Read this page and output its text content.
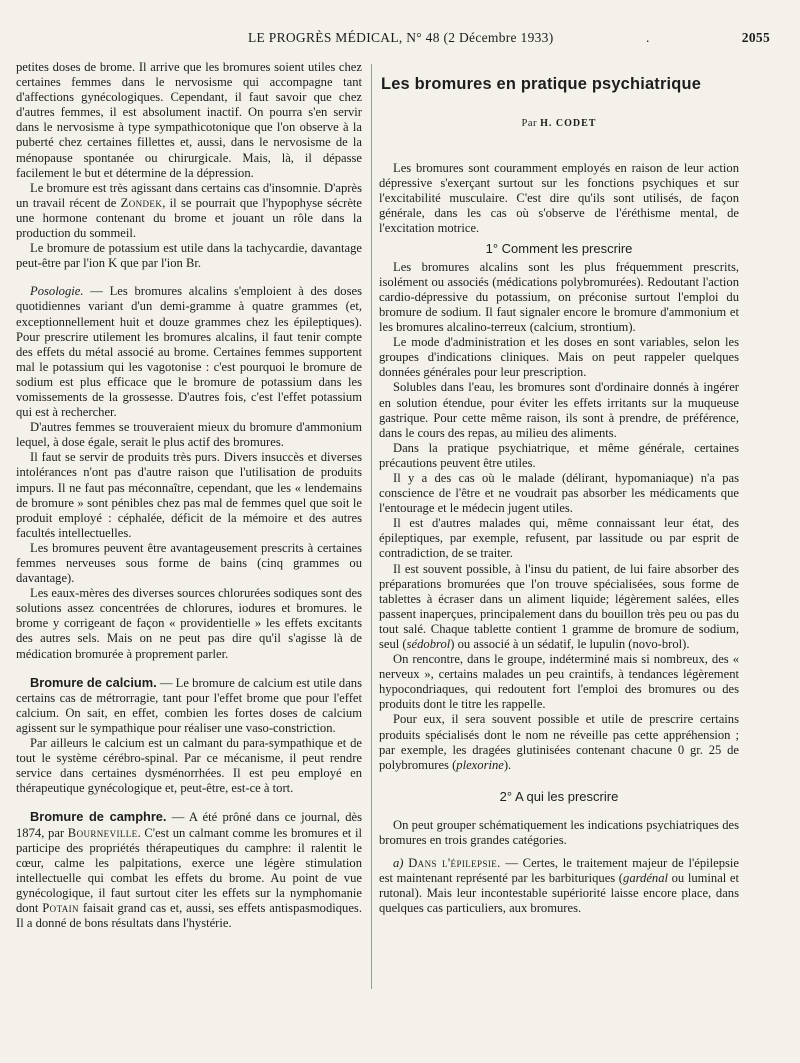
LE PROGRÈS MÉDICAL, N° 48 (2 Décembre 1933)	.	2055

petites doses de brome. Il arrive que les bromures soient utiles chez certaines femmes dans le nervosisme qui accompagne tant d'affections gynécologiques. Cependant, il faut savoir que chez d'autres femmes, il est absolument inactif. On pourra s'en servir dans le nervosisme à type sympathicotonique que l'on observe à la puberté chez certaines fillettes et, aussi, dans le nervosisme de la ménopause spontanée ou chirurgicale. Mais, là, il dépasse facilement le but et détermine de la dépression.

Le bromure est très agissant dans certains cas d'insomnie. D'après un travail récent de Zondek, il se pourrait que l'hypophyse sécrète une hormone contenant du brome et jouant un rôle dans la production du sommeil.

Le bromure de potassium est utile dans la tachycardie, davantage peut-être par l'ion K que par l'ion Br.

Posologie. — Les bromures alcalins s'emploient à des doses quotidiennes variant d'un demi-gramme à quatre grammes (et, exceptionnellement huit et douze grammes chez les épileptiques). Pour prescrire utilement les bromures alcalins, il faut tenir compte des effets du métal associé au brome. Certaines femmes supportent mal le potassium qui les vagotonise : c'est pourquoi le bromure de sodium est plus efficace que le bromure de potassium dans les vomissements de la grossesse. D'autres fois, c'est l'effet potassium qui est à rechercher.

D'autres femmes se trouveraient mieux du bromure d'ammonium lequel, à dose égale, serait le plus actif des bromures.

Il faut se servir de produits très purs. Divers insuccès et diverses intolérances n'ont pas d'autre raison que l'utilisation de produits impurs. Il ne faut pas méconnaître, cependant, que les « lendemains de bromure » sont pénibles chez pas mal de femmes quel que soit le produit employé : céphalée, déficit de la mémoire et des autres facultés intellectuelles.

Les bromures peuvent être avantageusement prescrits à certaines femmes nerveuses sous forme de bains (cinq grammes ou davantage).

Les eaux-mères des diverses sources chlorurées sodiques sont des solutions assez concentrées de chlorures, iodures et bromures. le brome y corrigeant de façon « providentielle » les effets excitants des autres sels. Mais on ne peut pas dire qu'il s'agisse là de médication bromurée à proprement parler.

Bromure de calcium. — Le bromure de calcium est utile dans certains cas de métrorragie, tant pour l'effet brome que pour l'effet calcium. On sait, en effet, combien les fortes doses de calcium agissent sur le sympathique pour réaliser une vaso-constriction.

Par ailleurs le calcium est un calmant du para-sympathique et de tout le système cérébro-spinal. Par ce mécanisme, il peut rendre service dans certaines dysménorrhées. Il est peu employé en thérapeutique gynécologique et, peut-être, est-ce à tort.

Bromure de camphre. — A été prôné dans ce journal, dès 1874, par Bourneville. C'est un calmant comme les bromures et il participe des propriétés thérapeutiques du camphre: il ralentit le cœur, calme les palpitations, exerce une légère stimulation intellectuelle qui combat les effets du brome. Au point de vue gynécologique, il faut surtout citer les effets sur la nymphomanie dont Potain faisait grand cas et, aussi, ses effets antispasmodiques. Il a donné de bons résultats dans l'hystérie.

Les bromures en pratique psychiatrique
Par H. CODET

Les bromures sont couramment employés en raison de leur action dépressive s'exerçant surtout sur les fonctions psychiques et sur l'excitabilité musculaire. C'est dire qu'ils sont utilisés, de façon générale, dans les cas où s'observe de l'éréthisme mental, de l'excitation motrice.

1° Comment les prescrire

Les bromures alcalins sont les plus fréquemment prescrits, isolément ou associés (médications polybromurées). Redoutant l'action cardio-dépressive du potassium, on préconise surtout l'emploi du bromure de sodium. Il faut signaler encore le bromure d'ammonium et les bromures alcalino-terreux (calcium, strontium).

Le mode d'administration et les doses en sont variables, selon les groupes d'indications cliniques. Mais on peut rappeler quelques données générales pour leur prescription.

Solubles dans l'eau, les bromures sont d'ordinaire donnés à ingérer en solution étendue, pour éviter les effets irritants sur la muqueuse gastrique. Pour cette même raison, ils sont à prendre, de préférence, dans le cours des repas, au milieu des aliments.

Dans la pratique psychiatrique, et même générale, certaines précautions peuvent être utiles.

Il y a des cas où le malade (délirant, hypomaniaque) n'a pas conscience de l'être et ne voudrait pas absorber les médicaments que l'entourage et le médecin jugent utiles.

Il est d'autres malades qui, même connaissant leur état, des épileptiques, par exemple, refusent, par lassitude ou par esprit de contradiction, de se traiter.

Il est souvent possible, à l'insu du patient, de lui faire absorber des préparations bromurées que l'on trouve spécialisées, sous forme de tablettes à écraser dans un aliment liquide; légèrement salées, elles passent inaperçues, principalement dans du bouillon très peu ou pas du tout salé. Chaque tablette contient 1 gramme de bromure de sodium, seul (sédobrol) ou associé à un sédatif, le lupulin (novo-brol).

On rencontre, dans le groupe, indéterminé mais si nombreux, des « nerveux », certains malades un peu craintifs, à tendances légèrement hypocondriaques, qui redoutent fort l'emploi des bromures ou des produits dont le titre les rappelle.

Pour eux, il sera souvent possible et utile de prescrire certains produits spécialisés dont le nom ne réveille pas cette appréhension ; par exemple, les dragées glutinisées contenant chacune 0 gr. 25 de polybromures (plexorine).

2° A qui les prescrire

On peut grouper schématiquement les indications psychiatriques des bromures en trois grandes catégories.

a) Dans l'épilepsie. — Certes, le traitement majeur de l'épilepsie est maintenant représenté par les barbituriques (gardénal ou luminal et rutonal). Mais leur incontestable supériorité laisse encore place, dans quelques cas particuliers, aux bromures.
